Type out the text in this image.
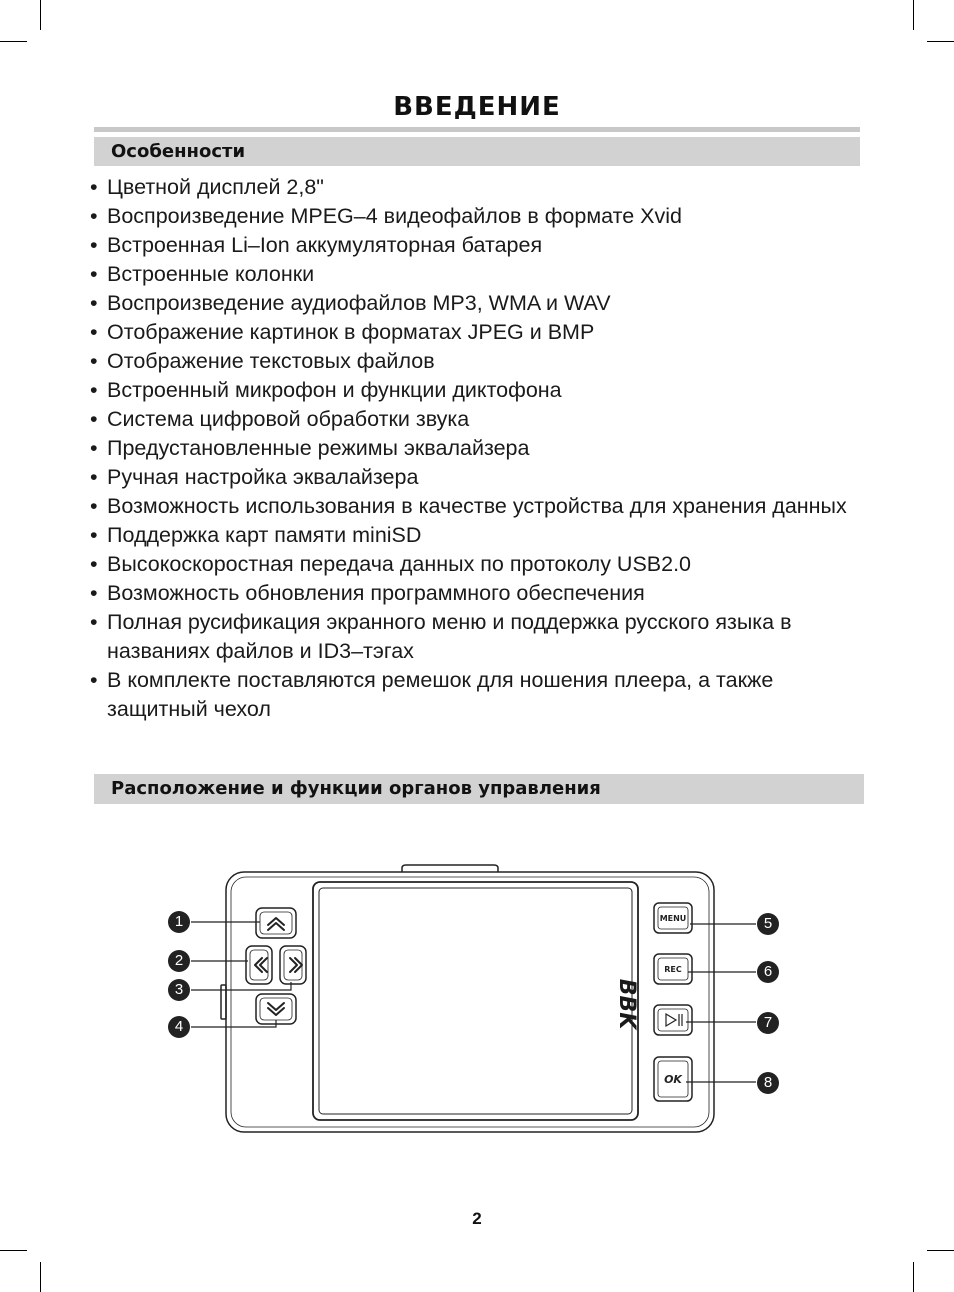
ВВЕДЕНИЕ
Особенности
• Цветной дисплей 2,8"
• Воспроизведение MPEG–4 видеофайлов в формате Xvid
• Встроенная Li–Ion аккумуляторная батарея
• Встроенные колонки
• Воспроизведение аудиофайлов MP3, WMA и WAV
• Отображение картинок в форматах JPEG и BMP
• Отображение текстовых файлов
• Встроенный микрофон и функции диктофона
• Система цифровой обработки звука
• Предустановленные режимы эквалайзера
• Ручная настройка эквалайзера
• Возможность использования в качестве устройства для хранения данных
• Поддержка карт памяти miniSD
• Высокоскоростная передача данных по протоколу USB2.0
• Возможность обновления программного обеспечения
• Полная русификация экранного меню и поддержка русского языка в названиях файлов и ID3–тэгах
• В комплекте поставляются ремешок для ношения плеера, а также защитный чехол
Расположение и функции органов управления
MENU
REC
OK
BBK
1
2
3
4
5
6
7
8
2
